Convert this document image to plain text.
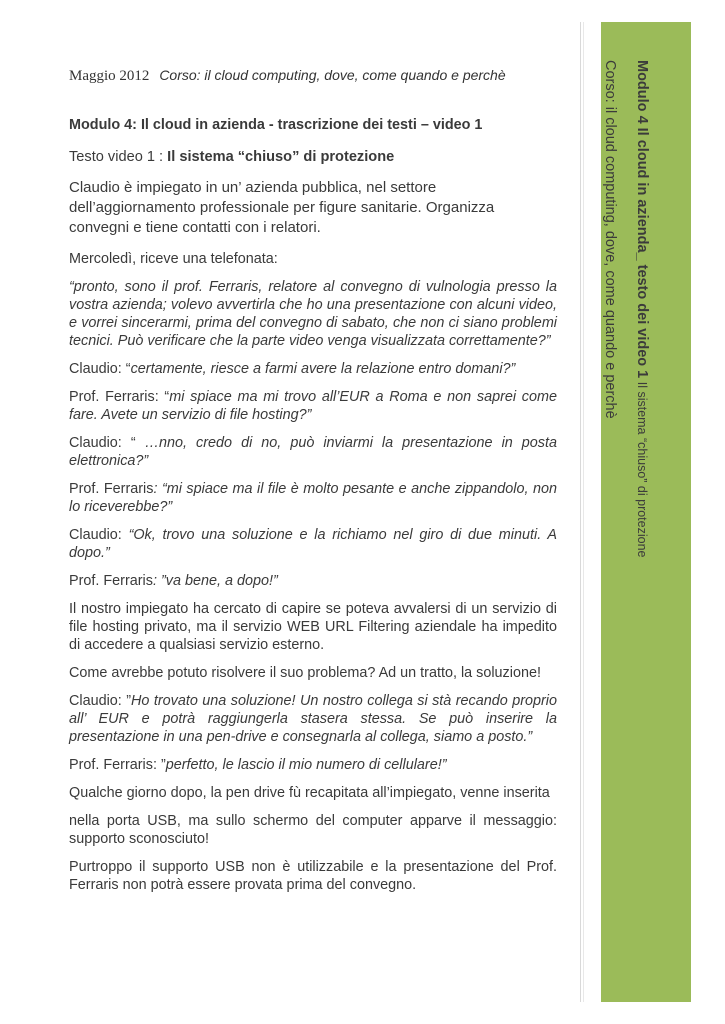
Maggio 2012 Corso: il cloud computing, dove, come quando e perchè

Modulo 4: Il cloud in azienda - trascrizione dei testi – video 1

Testo video 1 : Il sistema “chiuso” di protezione

Claudio è impiegato in un’ azienda pubblica, nel settore dell’aggiornamento professionale per figure sanitarie. Organizza convegni e tiene contatti con i relatori.

Mercoledì, riceve una telefonata:

“pronto, sono il prof. Ferraris, relatore al convegno di vulnologia presso la vostra azienda; volevo avvertirla che ho una presentazione con alcuni video, e vorrei sincerarmi, prima del convegno di sabato, che non ci siano problemi tecnici. Può verificare che la parte video venga visualizzata correttamente?”

Claudio: “certamente, riesce a farmi avere la relazione entro domani?”

Prof. Ferraris: “mi spiace ma mi trovo all’EUR a Roma e non saprei come fare. Avete un servizio di file hosting?”

Claudio: “ …nno, credo di no, può inviarmi la presentazione in posta elettronica?”

Prof. Ferraris: “mi spiace ma il file è molto pesante e anche zippandolo, non lo riceverebbe?”

Claudio: “Ok, trovo una soluzione e la richiamo nel giro di due minuti. A dopo.”

Prof. Ferraris: ”va bene, a dopo!”

Il nostro impiegato ha cercato di capire se poteva avvalersi di un servizio di file hosting privato, ma il servizio WEB URL Filtering aziendale ha impedito di accedere a qualsiasi servizio esterno.

Come avrebbe potuto risolvere il suo problema? Ad un tratto, la soluzione!

Claudio: ”Ho trovato una soluzione! Un nostro collega si stà recando proprio all’ EUR e potrà raggiungerla stasera stessa. Se può inserire la presentazione in una pen-drive e consegnarla al collega, siamo a posto.”

Prof. Ferraris: ”perfetto, le lascio il mio numero di cellulare!”

Qualche giorno dopo, la pen drive fù recapitata all’impiegato, venne inserita

nella porta USB, ma sullo schermo del computer apparve il messaggio: supporto sconosciuto!

Purtroppo il supporto USB non è utilizzabile e la presentazione del Prof. Ferraris non potrà essere provata prima del convegno.

Modulo 4 Il cloud in azienda_ testo dei video 1 Il sistema “chiuso” di protezione
Corso: il cloud computing, dove, come quando e perchè
